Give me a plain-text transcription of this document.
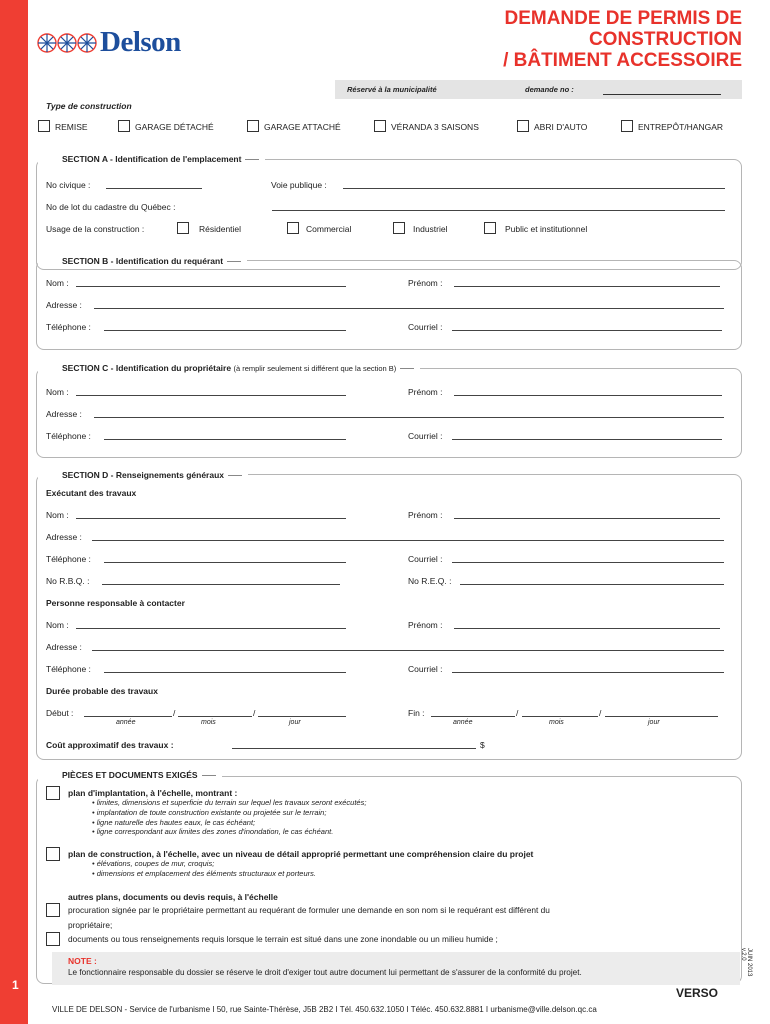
1
Delson
DEMANDE DE PERMIS DE
CONSTRUCTION
/ BÂTIMENT ACCESSOIRE
Réservé à la municipalité	demande no :
Type de construction
REMISE	GARAGE DÉTACHÉ	GARAGE ATTACHÉ	VÉRANDA 3 SAISONS	ABRI D'AUTO	ENTREPÔT/HANGAR
SECTION A - Identification de l'emplacement
No civique :	Voie publique :
No de lot du cadastre du Québec :
Usage de la construction :	Résidentiel	Commercial	Industriel	Public et institutionnel
SECTION B - Identification du requérant
Nom :	Prénom :
Adresse :
Téléphone :	Courriel :
SECTION C - Identification du propriétaire (à remplir seulement si différent que la section B)
Nom :	Prénom :
Adresse :
Téléphone :	Courriel :
SECTION D - Renseignements généraux
Exécutant des travaux
Nom :	Prénom :
Adresse :
Téléphone :	Courriel :
No R.B.Q. :	No R.E.Q. :
Personne responsable à contacter
Nom :	Prénom :
Adresse :
Téléphone :	Courriel :
Durée probable des travaux
Début :	/	/
année	mois	jour
Fin :	/	/
année	mois	jour
Coût approximatif des travaux :	$
PIÈCES ET DOCUMENTS EXIGÉS
plan d'implantation, à l'échelle, montrant :
• limites, dimensions et superficie du terrain sur lequel les travaux seront exécutés;
• implantation de toute construction existante ou projetée sur le terrain;
• ligne naturelle des hautes eaux, le cas échéant;
• ligne correspondant aux limites des zones d'inondation, le cas échéant.
plan de construction, à l'échelle, avec un niveau de détail approprié permettant une compréhension claire du projet
• élévations, coupes de mur, croquis;
• dimensions et emplacement des éléments structuraux et porteurs.
autres plans, documents ou devis requis, à l'échelle
procuration signée par le propriétaire permettant au requérant de formuler une demande en son nom si le requérant est différent du
propriétaire;
documents ou tous renseignements requis lorsque le terrain est situé dans une zone inondable ou un milieu humide ;
NOTE :
Le fonctionnaire responsable du dossier se réserve le droit d'exiger tout autre document lui permettant de s'assurer de la conformité du projet.	JUIN 2013
v.2.0
VERSO
VILLE DE DELSON - Service de l'urbanisme I 50, rue Sainte-Thérèse, J5B 2B2 I Tél. 450.632.1050 I Téléc. 450.632.8881 I urbanisme@ville.delson.qc.ca
